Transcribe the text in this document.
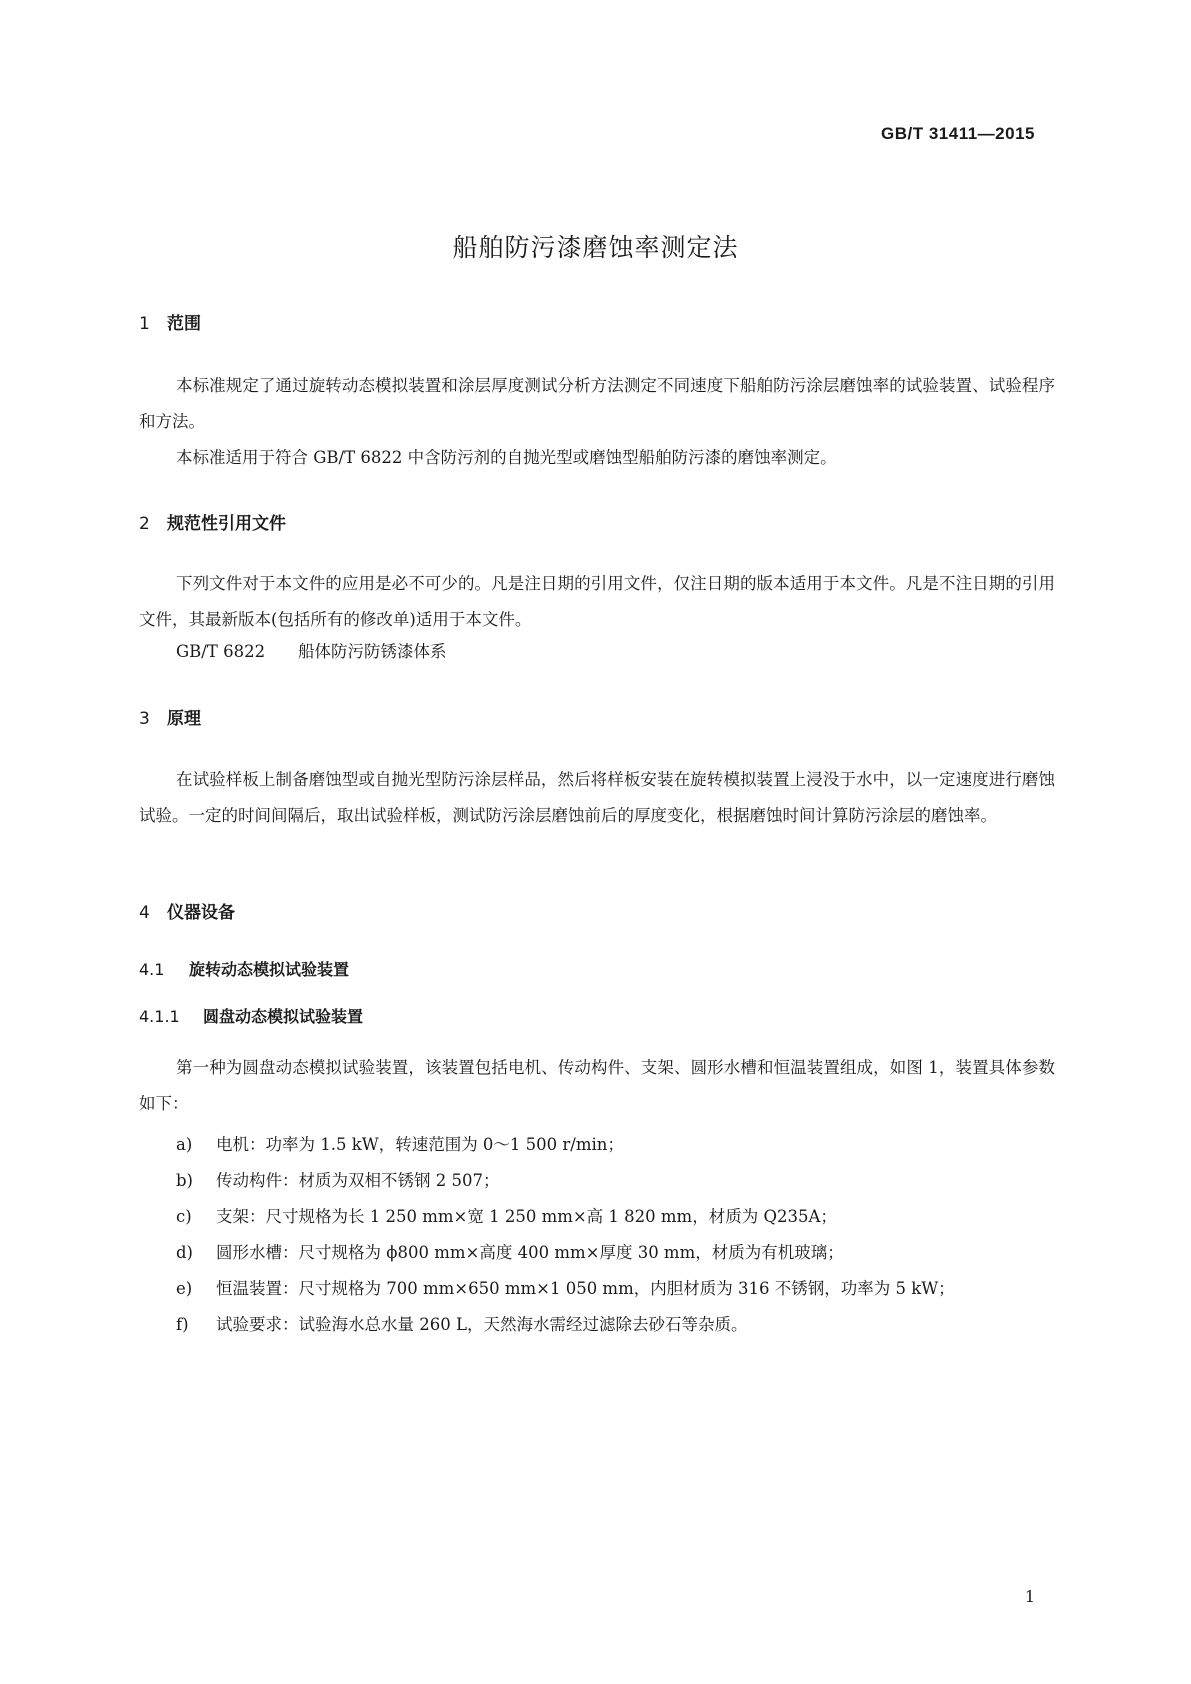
GB/T 31411—2015
船舶防污漆磨蚀率测定法
1 范围

本标准规定了通过旋转动态模拟装置和涂层厚度测试分析方法测定不同速度下船舶防污涂层磨蚀率的试验装置、试验程序和方法。

本标准适用于符合 GB/T 6822 中含防污剂的自抛光型或磨蚀型船舶防污漆的磨蚀率测定。

2 规范性引用文件

下列文件对于本文件的应用是必不可少的。凡是注日期的引用文件，仅注日期的版本适用于本文件。凡是不注日期的引用文件，其最新版本(包括所有的修改单)适用于本文件。

GB/T 6822 船体防污防锈漆体系
3 原理

在试验样板上制备磨蚀型或自抛光型防污涂层样品，然后将样板安装在旋转模拟装置上浸没于水中，以一定速度进行磨蚀试验。一定的时间间隔后，取出试验样板，测试防污涂层磨蚀前后的厚度变化，根据磨蚀时间计算防污涂层的磨蚀率。

4 仪器设备
4.1 旋转动态模拟试验装置
4.1.1 圆盘动态模拟试验装置

第一种为圆盘动态模拟试验装置，该装置包括电机、传动构件、支架、圆形水槽和恒温装置组成，如图 1，装置具体参数如下：

a) 电机：功率为 1.5 kW，转速范围为 0～1 500 r/min；
b) 传动构件：材质为双相不锈钢 2 507；
c) 支架：尺寸规格为长 1 250 mm×宽 1 250 mm×高 1 820 mm，材质为 Q235A；
d) 圆形水槽：尺寸规格为 ϕ800 mm×高度 400 mm×厚度 30 mm，材质为有机玻璃；
e) 恒温装置：尺寸规格为 700 mm×650 mm×1 050 mm，内胆材质为 316 不锈钢，功率为 5 kW；
f) 试验要求：试验海水总水量 260 L，天然海水需经过滤除去砂石等杂质。
1
